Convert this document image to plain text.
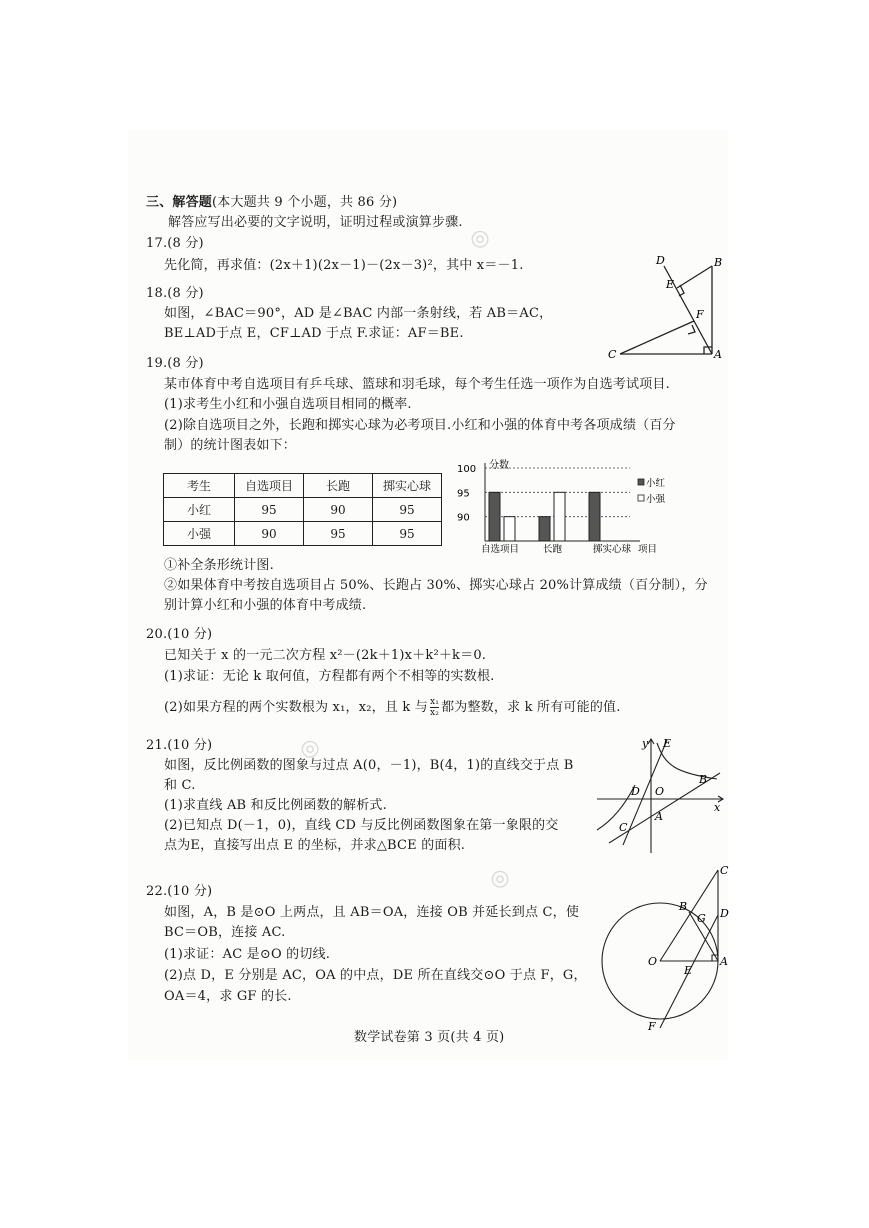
◎
◎
◎
三、解答题(本大题共 9 个小题，共 86 分)
解答应写出必要的文字说明，证明过程或演算步骤.
17.(8 分)
先化简，再求值：(2x＋1)(2x－1)－(2x－3)²，其中 x＝－1.
18.(8 分)
如图，∠BAC＝90°，AD 是∠BAC 内部一条射线，若 AB＝AC，
BE⊥AD于点 E，CF⊥AD 于点 F.求证：AF＝BE.
D	B
E
F
C	A
19.(8 分)
某市体育中考自选项目有乒乓球、篮球和羽毛球，每个考生任选一项作为自选考试项目.
(1)求考生小红和小强自选项目相同的概率.
(2)除自选项目之外，长跑和掷实心球为必考项目.小红和小强的体育中考各项成绩（百分
制）的统计图表如下：
考生	自选项目	长跑	掷实心球
小红	95	90	95
小强	90	95	95
100
95
90
分数
自选项目	长跑	掷实心球 项目
小红
小强
①补全条形统计图.
②如果体育中考按自选项目占 50%、长跑占 30%、掷实心球占 20%计算成绩（百分制），分
别计算小红和小强的体育中考成绩.
20.(10 分)
已知关于 x 的一元二次方程 x²－(2k＋1)x＋k²＋k＝0.
(1)求证：无论 k 取何值，方程都有两个不相等的实数根.
(2)如果方程的两个实数根为 x₁，x₂，且 k 与 $\frac{\text{x₁}}{\text{x₂}}$ 都为整数，求 k 所有可能的值.
21.(10 分)
如图，反比例函数的图象与过点 A(0，－1)，B(4，1)的直线交于点 B
和 C.
(1)求直线 AB 和反比例函数的解析式.
(2)已知点 D(－1，0)，直线 CD 与反比例函数图象在第一象限的交
点为E，直接写出点 E 的坐标，并求△BCE 的面积.
y E
B
D O
x
C
A
22.(10 分)
如图，A，B 是⊙O 上两点，且 AB＝OA，连接 OB 并延长到点 C，使
BC＝OB，连接 AC.
(1)求证：AC 是⊙O 的切线.
(2)点 D，E 分别是 AC，OA 的中点，DE 所在直线交⊙O 于点 F，G，
OA＝4，求 GF 的长.
C
B
G D
O
E
A
F
数学试卷第 3 页(共 4 页)
